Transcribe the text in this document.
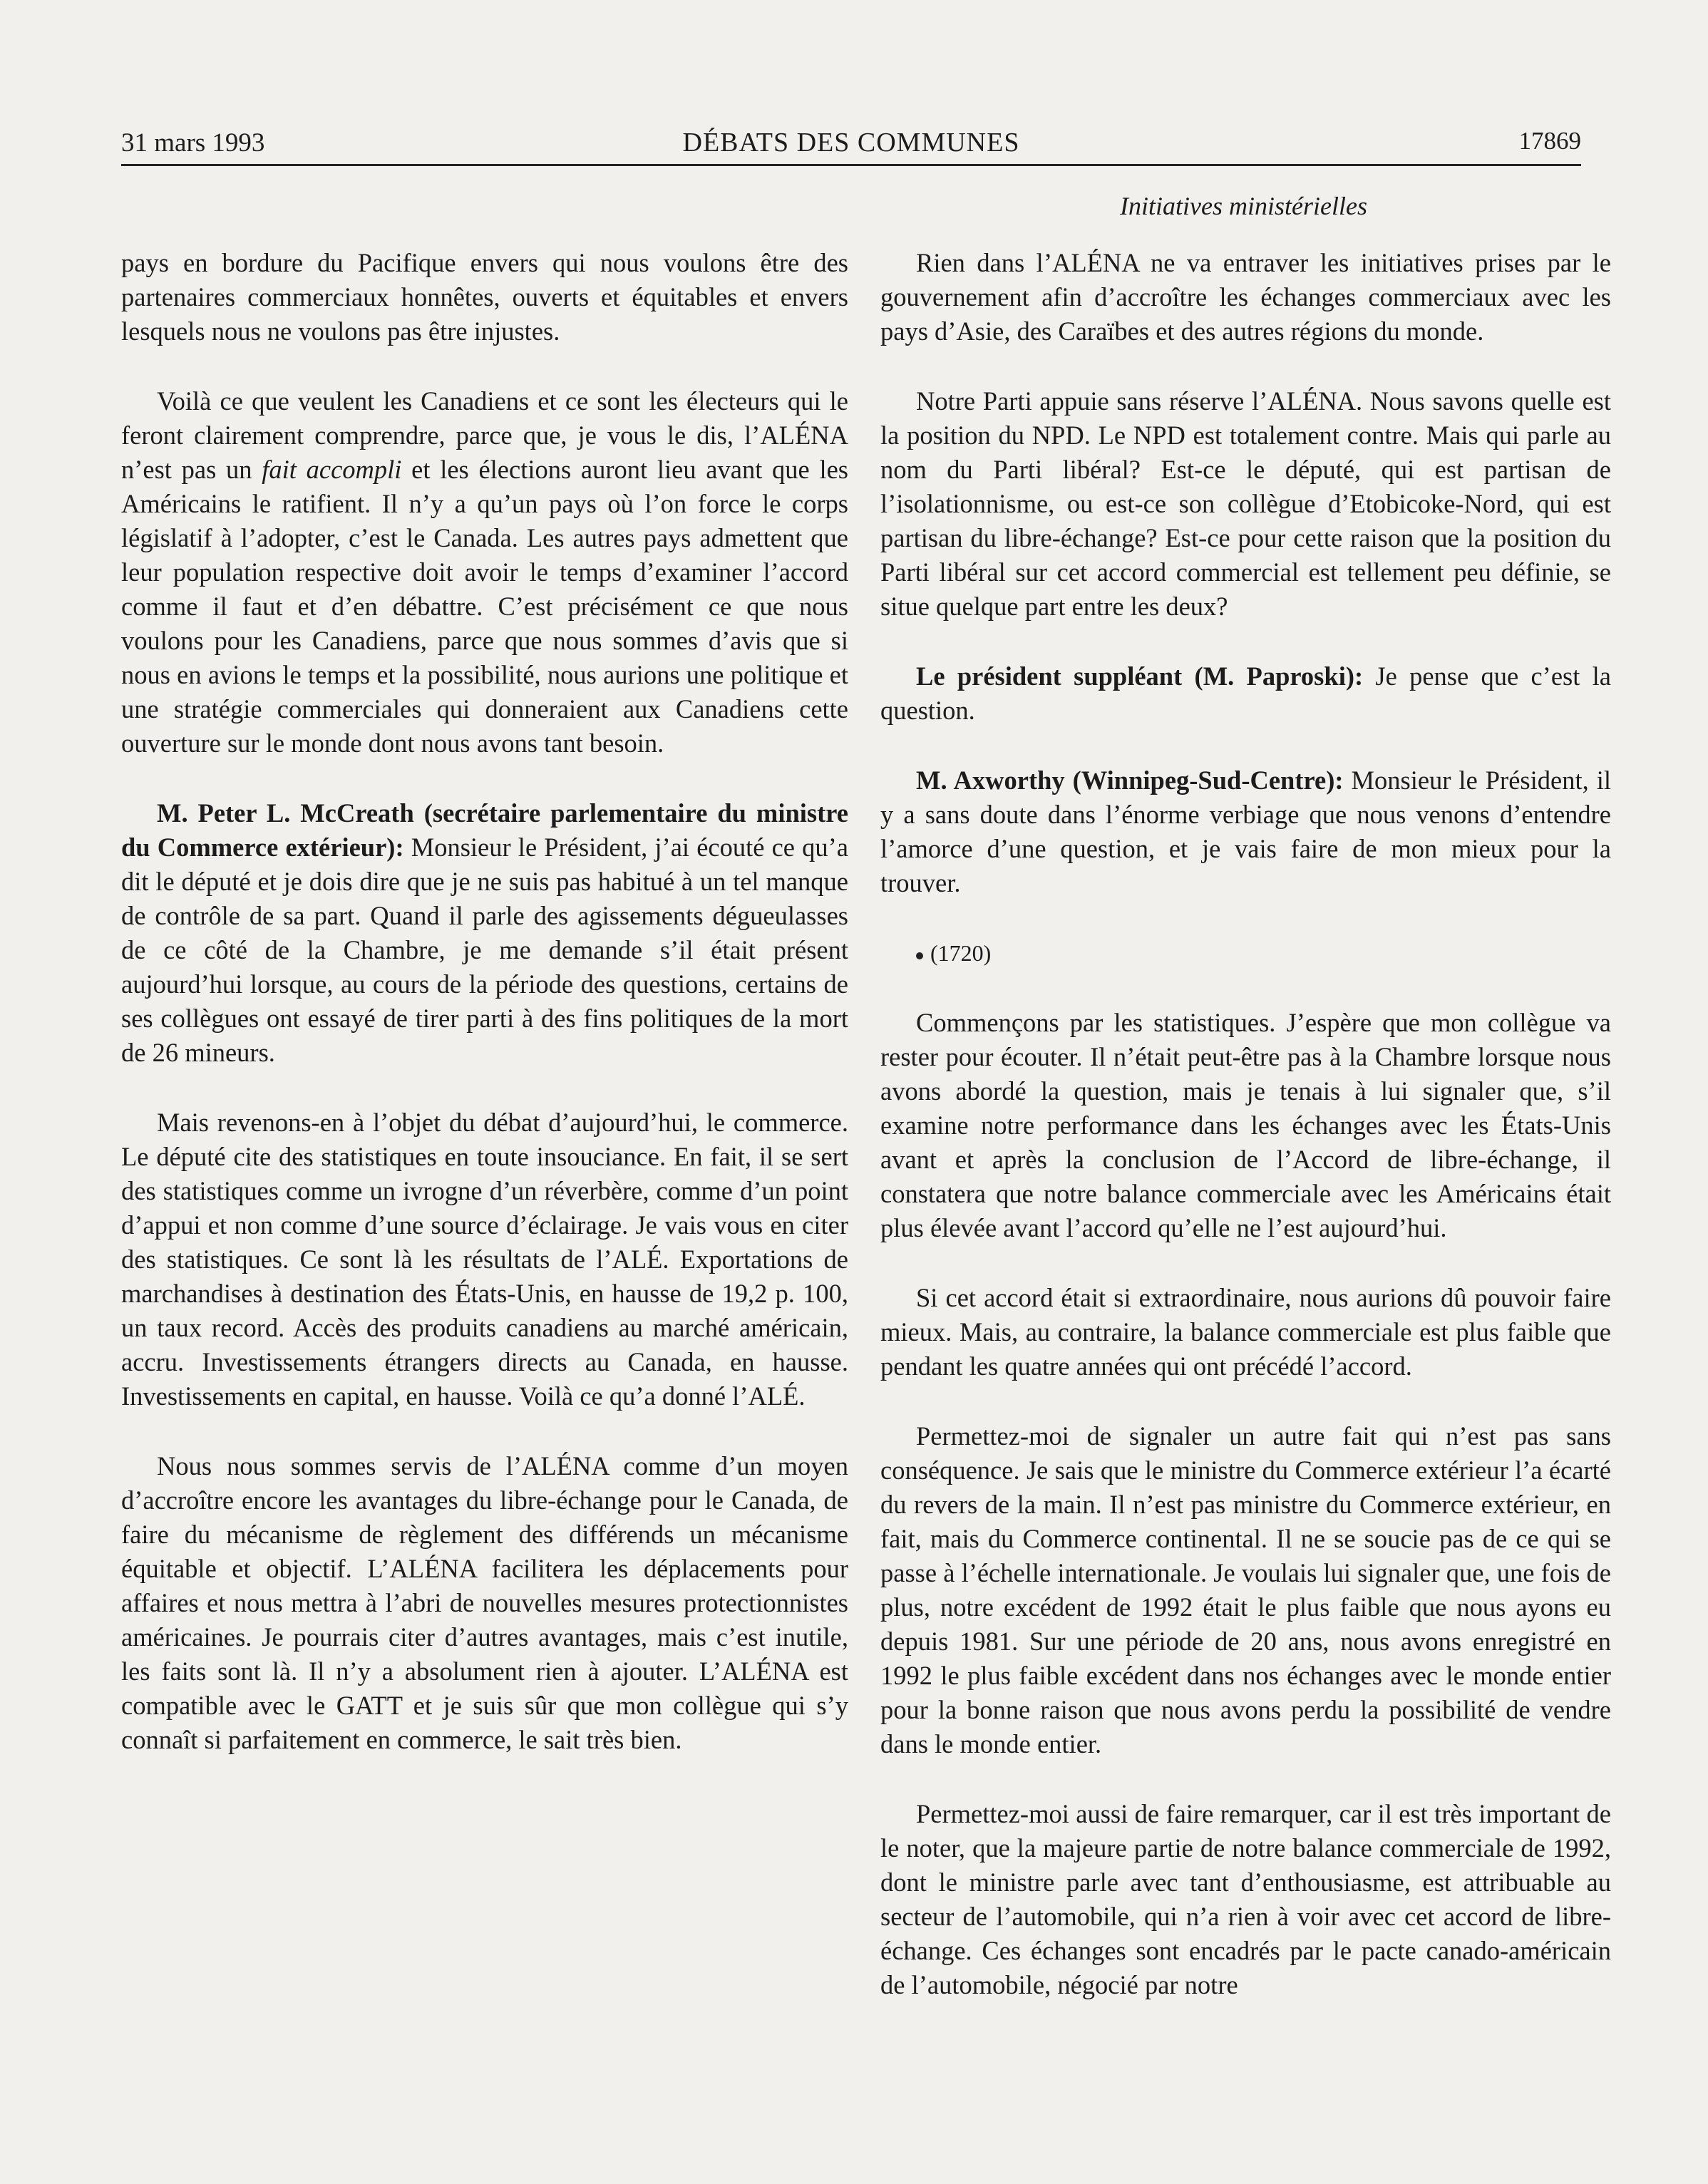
31 mars 1993	DÉBATS DES COMMUNES	17869
Initiatives ministérielles

pays en bordure du Pacifique envers qui nous voulons être des partenaires commerciaux honnêtes, ouverts et équitables et envers lesquels nous ne voulons pas être injustes.

Voilà ce que veulent les Canadiens et ce sont les électeurs qui le feront clairement comprendre, parce que, je vous le dis, l’ALÉNA n’est pas un fait accompli et les élections auront lieu avant que les Américains le ratifient. Il n’y a qu’un pays où l’on force le corps législatif à l’adopter, c’est le Canada. Les autres pays admettent que leur population respective doit avoir le temps d’examiner l’accord comme il faut et d’en débattre. C’est précisément ce que nous voulons pour les Canadiens, parce que nous sommes d’avis que si nous en avions le temps et la possibilité, nous aurions une politique et une stratégie commerciales qui donneraient aux Canadiens cette ouverture sur le monde dont nous avons tant besoin.

M. Peter L. McCreath (secrétaire parlementaire du ministre du Commerce extérieur): Monsieur le Président, j’ai écouté ce qu’a dit le député et je dois dire que je ne suis pas habitué à un tel manque de contrôle de sa part. Quand il parle des agissements dégueulasses de ce côté de la Chambre, je me demande s’il était présent aujourd’hui lorsque, au cours de la période des questions, certains de ses collègues ont essayé de tirer parti à des fins politiques de la mort de 26 mineurs.

Mais revenons-en à l’objet du débat d’aujourd’hui, le commerce. Le député cite des statistiques en toute insouciance. En fait, il se sert des statistiques comme un ivrogne d’un réverbère, comme d’un point d’appui et non comme d’une source d’éclairage. Je vais vous en citer des statistiques. Ce sont là les résultats de l’ALÉ. Exportations de marchandises à destination des États-Unis, en hausse de 19,2 p. 100, un taux record. Accès des produits canadiens au marché américain, accru. Investissements étrangers directs au Canada, en hausse. Investissements en capital, en hausse. Voilà ce qu’a donné l’ALÉ.

Nous nous sommes servis de l’ALÉNA comme d’un moyen d’accroître encore les avantages du libre-échange pour le Canada, de faire du mécanisme de règlement des différends un mécanisme équitable et objectif. L’ALÉNA facilitera les déplacements pour affaires et nous mettra à l’abri de nouvelles mesures protectionnistes américaines. Je pourrais citer d’autres avantages, mais c’est inutile, les faits sont là. Il n’y a absolument rien à ajouter. L’ALÉNA est compatible avec le GATT et je suis sûr que mon collègue qui s’y connaît si parfaitement en commerce, le sait très bien.

Rien dans l’ALÉNA ne va entraver les initiatives prises par le gouvernement afin d’accroître les échanges commerciaux avec les pays d’Asie, des Caraïbes et des autres régions du monde.

Notre Parti appuie sans réserve l’ALÉNA. Nous savons quelle est la position du NPD. Le NPD est totalement contre. Mais qui parle au nom du Parti libéral? Est-ce le député, qui est partisan de l’isolationnisme, ou est-ce son collègue d’Etobicoke-Nord, qui est partisan du libre-échange? Est-ce pour cette raison que la position du Parti libéral sur cet accord commercial est tellement peu définie, se situe quelque part entre les deux?

Le président suppléant (M. Paproski): Je pense que c’est la question.

M. Axworthy (Winnipeg-Sud-Centre): Monsieur le Président, il y a sans doute dans l’énorme verbiage que nous venons d’entendre l’amorce d’une question, et je vais faire de mon mieux pour la trouver.

(1720)

Commençons par les statistiques. J’espère que mon collègue va rester pour écouter. Il n’était peut-être pas à la Chambre lorsque nous avons abordé la question, mais je tenais à lui signaler que, s’il examine notre performance dans les échanges avec les États-Unis avant et après la conclusion de l’Accord de libre-échange, il constatera que notre balance commerciale avec les Américains était plus élevée avant l’accord qu’elle ne l’est aujourd’hui.

Si cet accord était si extraordinaire, nous aurions dû pouvoir faire mieux. Mais, au contraire, la balance commerciale est plus faible que pendant les quatre années qui ont précédé l’accord.

Permettez-moi de signaler un autre fait qui n’est pas sans conséquence. Je sais que le ministre du Commerce extérieur l’a écarté du revers de la main. Il n’est pas ministre du Commerce extérieur, en fait, mais du Commerce continental. Il ne se soucie pas de ce qui se passe à l’échelle internationale. Je voulais lui signaler que, une fois de plus, notre excédent de 1992 était le plus faible que nous ayons eu depuis 1981. Sur une période de 20 ans, nous avons enregistré en 1992 le plus faible excédent dans nos échanges avec le monde entier pour la bonne raison que nous avons perdu la possibilité de vendre dans le monde entier.

Permettez-moi aussi de faire remarquer, car il est très important de le noter, que la majeure partie de notre balance commerciale de 1992, dont le ministre parle avec tant d’enthousiasme, est attribuable au secteur de l’automobile, qui n’a rien à voir avec cet accord de libre-échange. Ces échanges sont encadrés par le pacte canado-américain de l’automobile, négocié par notre
